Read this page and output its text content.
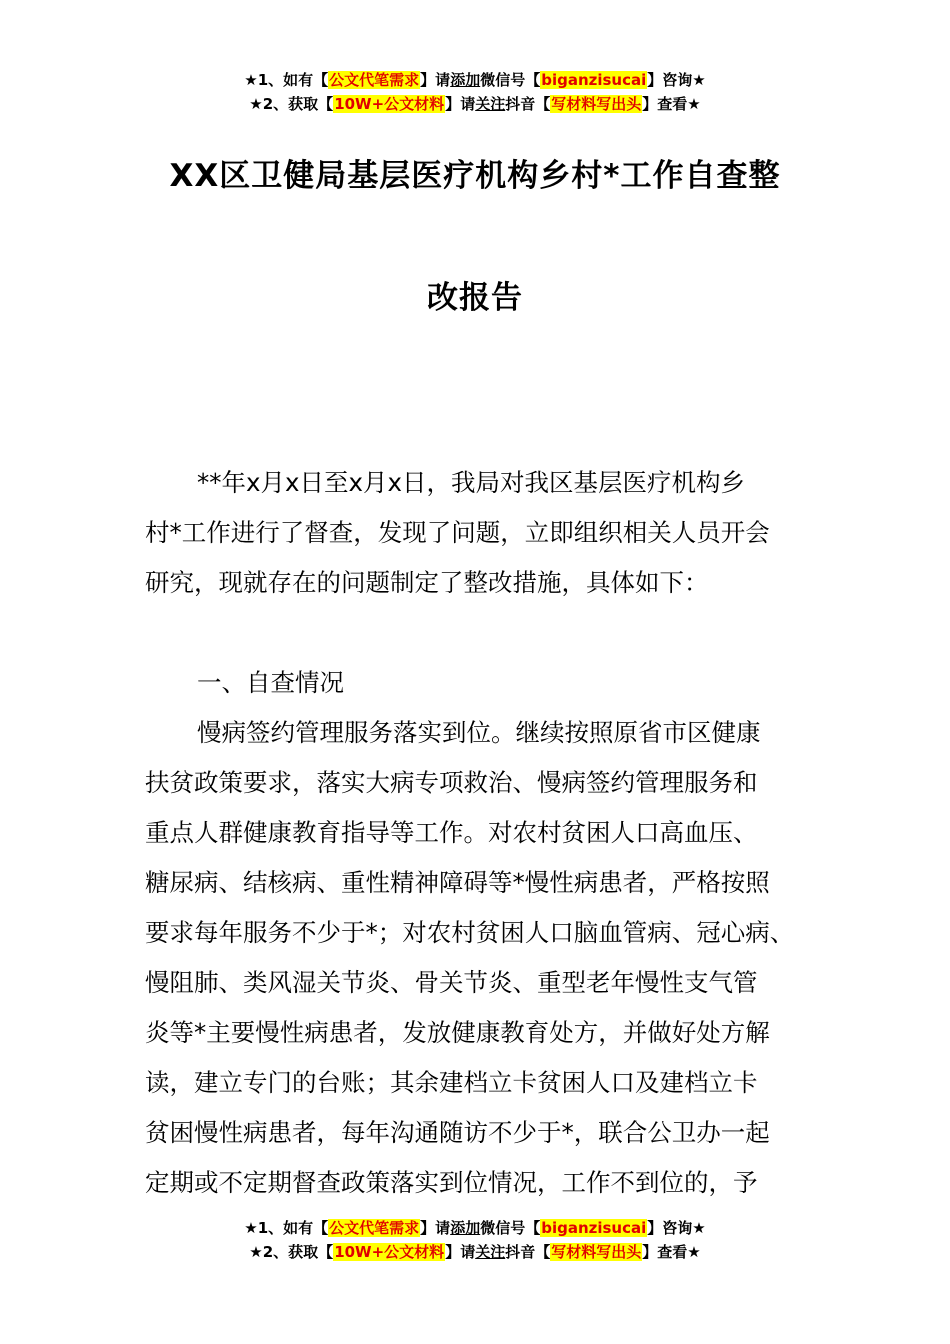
★1、如有【公文代笔需求】请添加微信号【biganzisucai】咨询★
★2、获取【10W+公文材料】请关注抖音【写材料写出头】查看★
XX区卫健局基层医疗机构乡村*工作自查整
改报告
**年x月x日至x月x日，我局对我区基层医疗机构乡
村*工作进行了督查，发现了问题，立即组织相关人员开会
研究，现就存在的问题制定了整改措施，具体如下：
一、自查情况
慢病签约管理服务落实到位。继续按照原省市区健康
扶贫政策要求，落实大病专项救治、慢病签约管理服务和
重点人群健康教育指导等工作。对农村贫困人口高血压、
糖尿病、结核病、重性精神障碍等*慢性病患者，严格按照
要求每年服务不少于*；对农村贫困人口脑血管病、冠心病、
慢阻肺、类风湿关节炎、骨关节炎、重型老年慢性支气管
炎等*主要慢性病患者，发放健康教育处方，并做好处方解
读，建立专门的台账；其余建档立卡贫困人口及建档立卡
贫困慢性病患者，每年沟通随访不少于*，联合公卫办一起
定期或不定期督查政策落实到位情况，工作不到位的，予
★1、如有【公文代笔需求】请添加微信号【biganzisucai】咨询★
★2、获取【10W+公文材料】请关注抖音【写材料写出头】查看★
